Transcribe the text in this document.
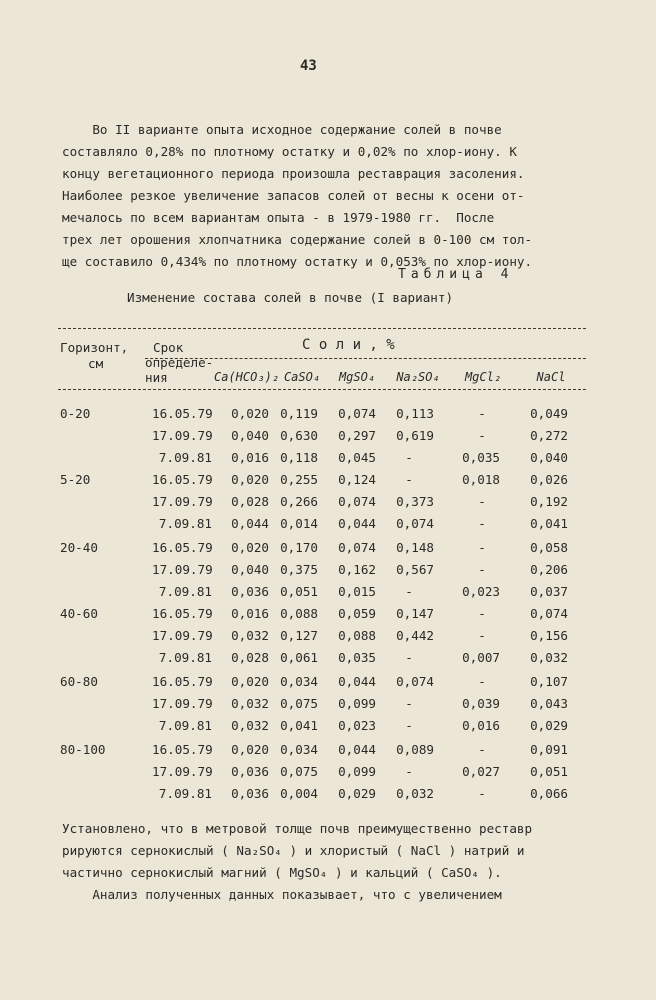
43
Во II варианте опыта исходное содержание солей в почве
составляло 0,28% по плотному остатку и 0,02% по хлор-иону. К
концу вегетационного периода произошла реставрация засоления.
Наиболее резкое увеличение запасов солей от весны к осени от-
мечалось по всем вариантам опыта - в 1979-1980 гг.  После
трех лет орошения хлопчатника содержание солей в 0-100 см тол-
ще составило 0,434% по плотному остатку и 0,053% по хлор-иону.
Таблица 4
Изменение состава солей в почве (I вариант)
Горизонт,
см
Срок
определе-
ния
С о л и , %
Ca(HCO₃)₂ CaSO₄	MgSO₄	Na₂SO₄	MgCl₂	NaCl
0-20	16.05.79	0,020 0,119	0,074	0,113	-	0,049
17.09.79	0,040 0,630	0,297	0,619	-	0,272
7.09.81	0,016 0,118	0,045 -	0,035	0,040
5-20	16.05.79	0,020 0,255	0,124 -	0,018	0,026
17.09.79	0,028 0,266	0,074	0,373	-	0,192
7.09.81	0,044 0,014	0,044	0,074	-	0,041
20-40	16.05.79	0,020 0,170	0,074	0,148	-	0,058
17.09.79	0,040 0,375	0,162	0,567	-	0,206
7.09.81	0,036 0,051	0,015 -	0,023	0,037
40-60	16.05.79	0,016 0,088	0,059	0,147	-	0,074
17.09.79	0,032 0,127	0,088	0,442	-	0,156
7.09.81	0,028 0,061	0,035 -	0,007	0,032
60-80	16.05.79	0,020 0,034	0,044	0,074	-	0,107
17.09.79	0,032 0,075	0,099 -	0,039	0,043
7.09.81	0,032 0,041	0,023 -	0,016	0,029
80-100	16.05.79	0,020 0,034	0,044	0,089	-	0,091
17.09.79	0,036 0,075	0,099 -	0,027	0,051
7.09.81	0,036 0,004	0,029	0,032	-	0,066
Установлено, что в метровой толще почв преимущественно реставр
рируются сернокислый ( Na₂SO₄ ) и хлористый ( NaCl ) натрий и
частично сернокислый магний ( MgSO₄ ) и кальций ( CaSO₄ ).
Анализ полученных данных показывает, что с увеличением
